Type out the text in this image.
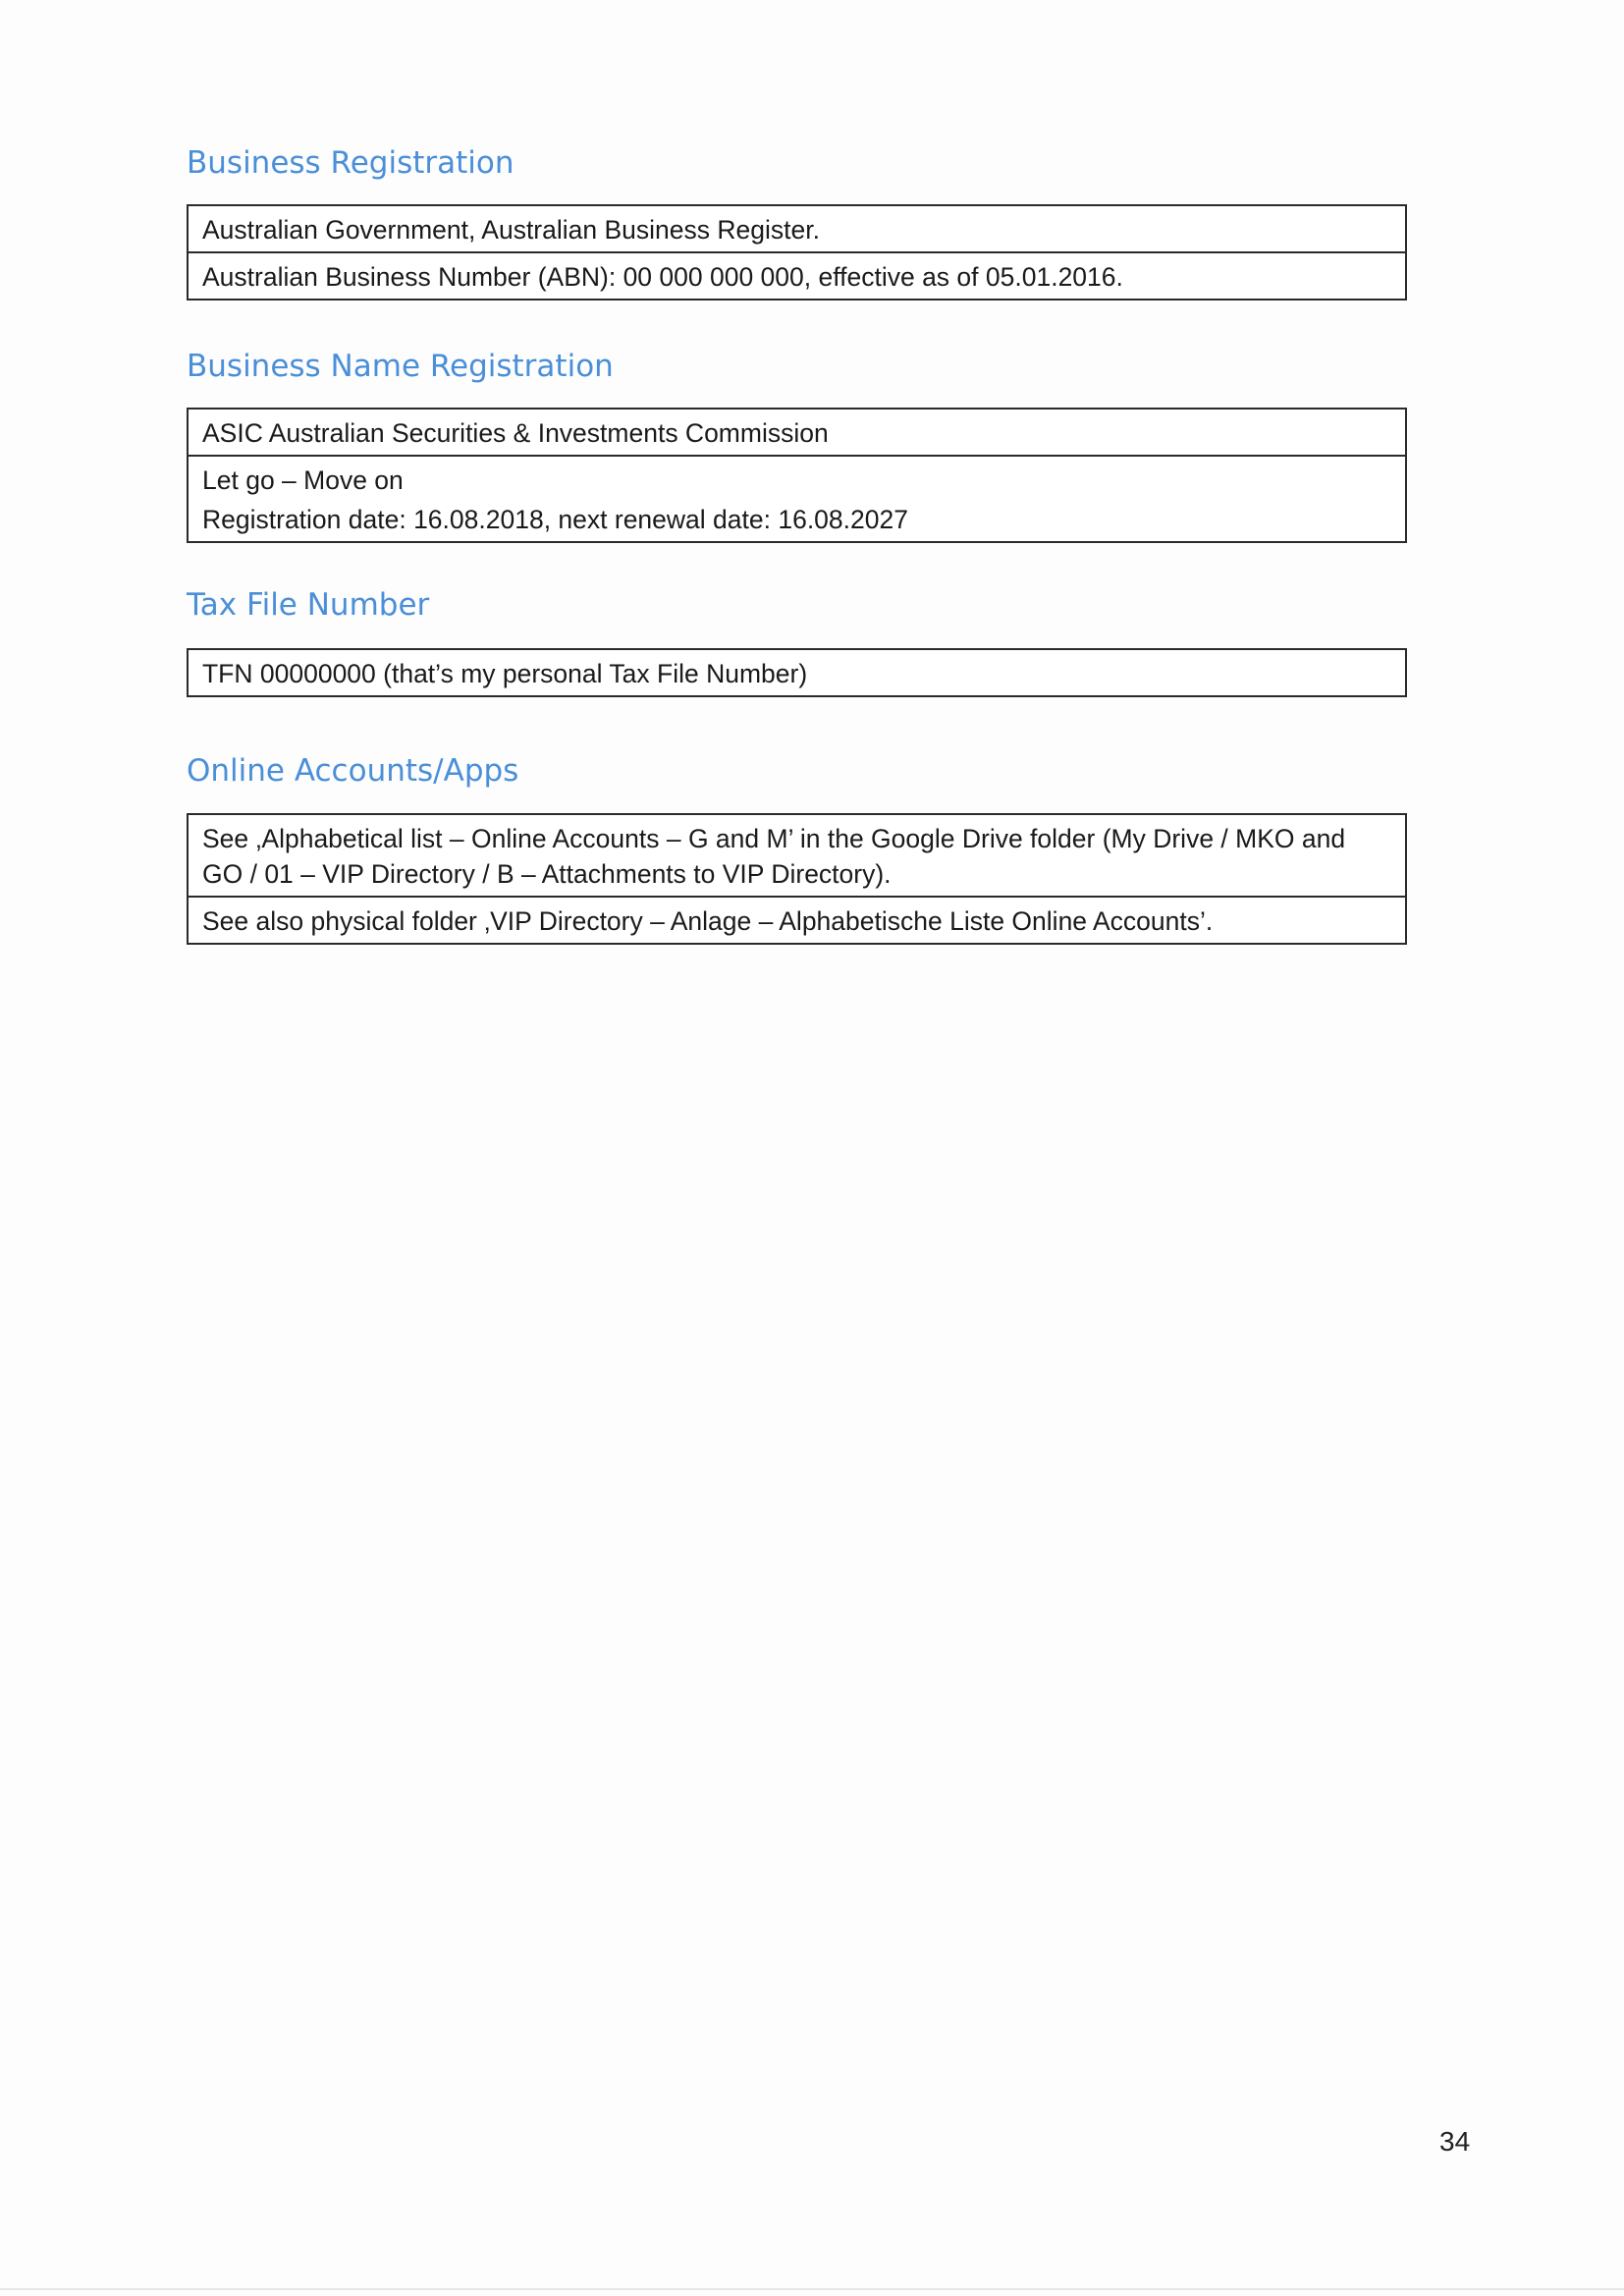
Business Registration
Australian Government, Australian Business Register.
Australian Business Number (ABN): 00 000 000 000, effective as of 05.01.2016.
Business Name Registration
ASIC Australian Securities & Investments Commission
Let go – Move on
Registration date: 16.08.2018, next renewal date: 16.08.2027
Tax File Number
TFN 00000000 (that’s my personal Tax File Number)
Online Accounts/Apps
See ‚Alphabetical list – Online Accounts – G and M’ in the Google Drive folder (My Drive / MKO and GO / 01 – VIP Directory / B – Attachments to VIP Directory).
See also physical folder ‚VIP Directory – Anlage – Alphabetische Liste Online Accounts’.
34
